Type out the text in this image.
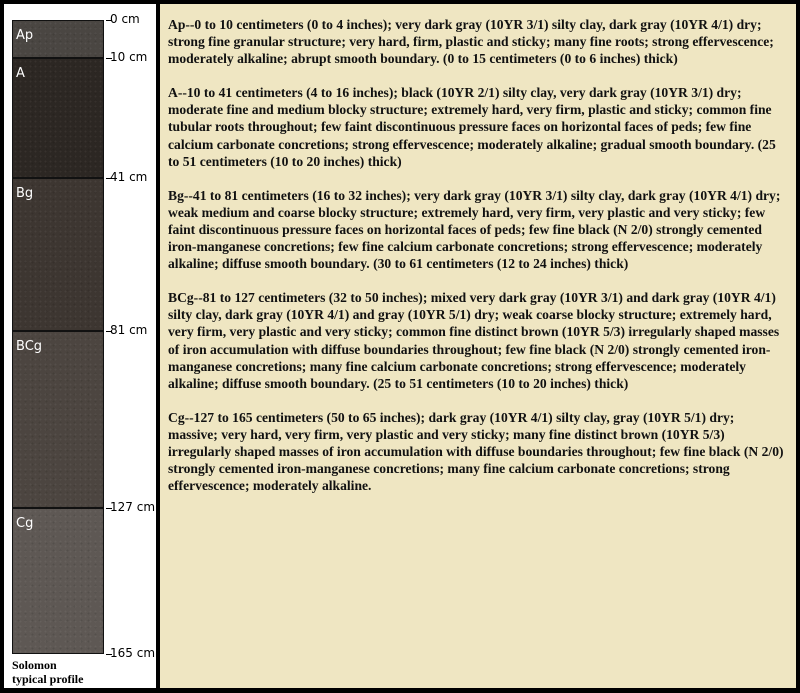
Ap
A
Bg
BCg
Cg
0 cm
10 cm
41 cm
81 cm
127 cm
165 cm
Solomon
typical profile

Ap--0 to 10 centimeters (0 to 4 inches); very dark gray (10YR 3/1) silty clay, dark gray (10YR 4/1) dry; strong fine granular structure; very hard, firm, plastic and sticky; many fine roots; strong effervescence; moderately alkaline; abrupt smooth boundary. (0 to 15 centimeters (0 to 6 inches) thick)

A--10 to 41 centimeters (4 to 16 inches); black (10YR 2/1) silty clay, very dark gray (10YR 3/1) dry; moderate fine and medium blocky structure; extremely hard, very firm, plastic and sticky; common fine tubular roots throughout; few faint discontinuous pressure faces on horizontal faces of peds; few fine calcium carbonate concretions; strong effervescence; moderately alkaline; gradual smooth boundary. (25 to 51 centimeters (10 to 20 inches) thick)

Bg--41 to 81 centimeters (16 to 32 inches); very dark gray (10YR 3/1) silty clay, dark gray (10YR 4/1) dry; weak medium and coarse blocky structure; extremely hard, very firm, very plastic and very sticky; few faint discontinuous pressure faces on horizontal faces of peds; few fine black (N 2/0) strongly cemented iron-manganese concretions; few fine calcium carbonate concretions; strong effervescence; moderately alkaline; diffuse smooth boundary. (30 to 61 centimeters (12 to 24 inches) thick)

BCg--81 to 127 centimeters (32 to 50 inches); mixed very dark gray (10YR 3/1) and dark gray (10YR 4/1) silty clay, dark gray (10YR 4/1) and gray (10YR 5/1) dry; weak coarse blocky structure; extremely hard, very firm, very plastic and very sticky; common fine distinct brown (10YR 5/3) irregularly shaped masses of iron accumulation with diffuse boundaries throughout; few fine black (N 2/0) strongly cemented iron-manganese concretions; many fine calcium carbonate concretions; strong effervescence; moderately alkaline; diffuse smooth boundary. (25 to 51 centimeters (10 to 20 inches) thick)

Cg--127 to 165 centimeters (50 to 65 inches); dark gray (10YR 4/1) silty clay, gray (10YR 5/1) dry; massive; very hard, very firm, very plastic and very sticky; many fine distinct brown (10YR 5/3) irregularly shaped masses of iron accumulation with diffuse boundaries throughout; few fine black (N 2/0) strongly cemented iron-manganese concretions; many fine calcium carbonate concretions; strong effervescence; moderately alkaline.
